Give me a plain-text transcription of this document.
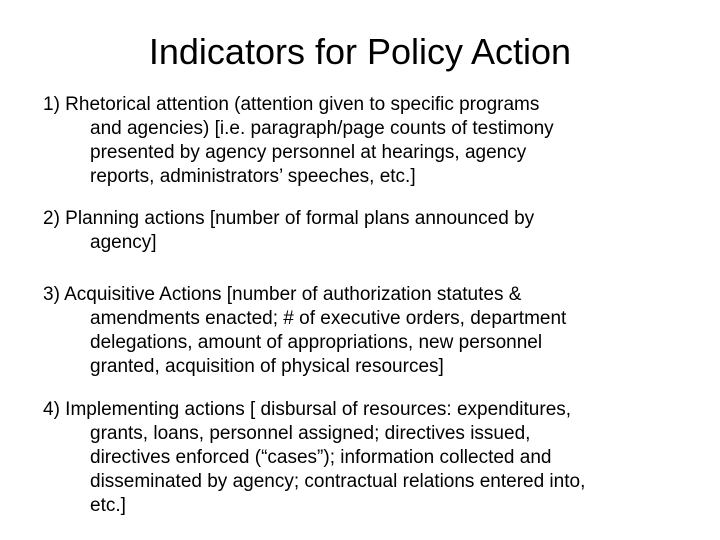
Indicators for Policy Action

1) Rhetorical attention (attention given to specific programs
and agencies) [i.e. paragraph/page counts of testimony
presented by agency personnel at hearings, agency
reports, administrators’ speeches, etc.]

2) Planning actions [number of formal plans announced by
agency]

3) Acquisitive Actions [number of authorization statutes &
amendments enacted; # of executive orders, department
delegations, amount of appropriations, new personnel
granted, acquisition of physical resources]

4) Implementing actions [ disbursal of resources: expenditures,
grants, loans, personnel assigned; directives issued,
directives enforced (“cases”); information collected and
disseminated by agency; contractual relations entered into,
etc.]
